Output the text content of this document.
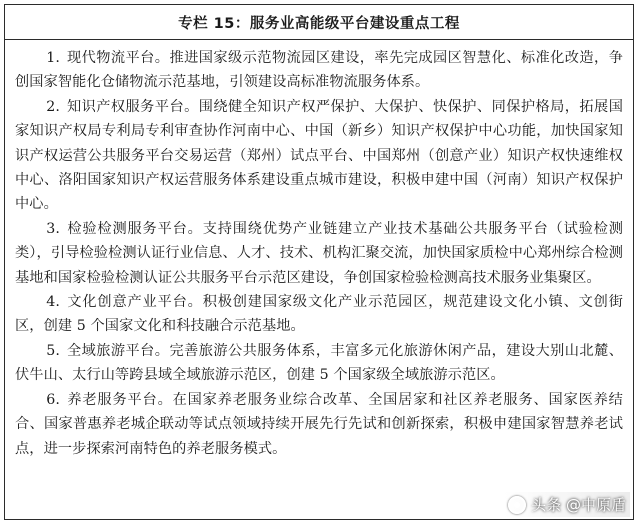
专栏 15：服务业高能级平台建设重点工程

1. 现代物流平台。推进国家级示范物流园区建设，率先完成园区智慧化、标准化改造，争创国家智能化仓储物流示范基地，引领建设高标准物流服务体系。

2. 知识产权服务平台。围绕健全知识产权严保护、大保护、快保护、同保护格局，拓展国家知识产权局专利局专利审查协作河南中心、中国（新乡）知识产权保护中心功能，加快国家知识产权运营公共服务平台交易运营（郑州）试点平台、中国郑州（创意产业）知识产权快速维权中心、洛阳国家知识产权运营服务体系建设重点城市建设，积极申建中国（河南）知识产权保护中心。

3. 检验检测服务平台。支持围绕优势产业链建立产业技术基础公共服务平台（试验检测类），引导检验检测认证行业信息、人才、技术、机构汇聚交流，加快国家质检中心郑州综合检测基地和国家检验检测认证公共服务平台示范区建设，争创国家检验检测高技术服务业集聚区。

4. 文化创意产业平台。积极创建国家级文化产业示范园区，规范建设文化小镇、文创街区，创建 5 个国家文化和科技融合示范基地。

5. 全域旅游平台。完善旅游公共服务体系，丰富多元化旅游休闲产品，建设大别山北麓、伏牛山、太行山等跨县域全域旅游示范区，创建 5 个国家级全域旅游示范区。

6. 养老服务平台。在国家养老服务业综合改革、全国居家和社区养老服务、国家医养结合、国家普惠养老城企联动等试点领域持续开展先行先试和创新探索，积极申建国家智慧养老试点，进一步探索河南特色的养老服务模式。

头条 @中原盾
